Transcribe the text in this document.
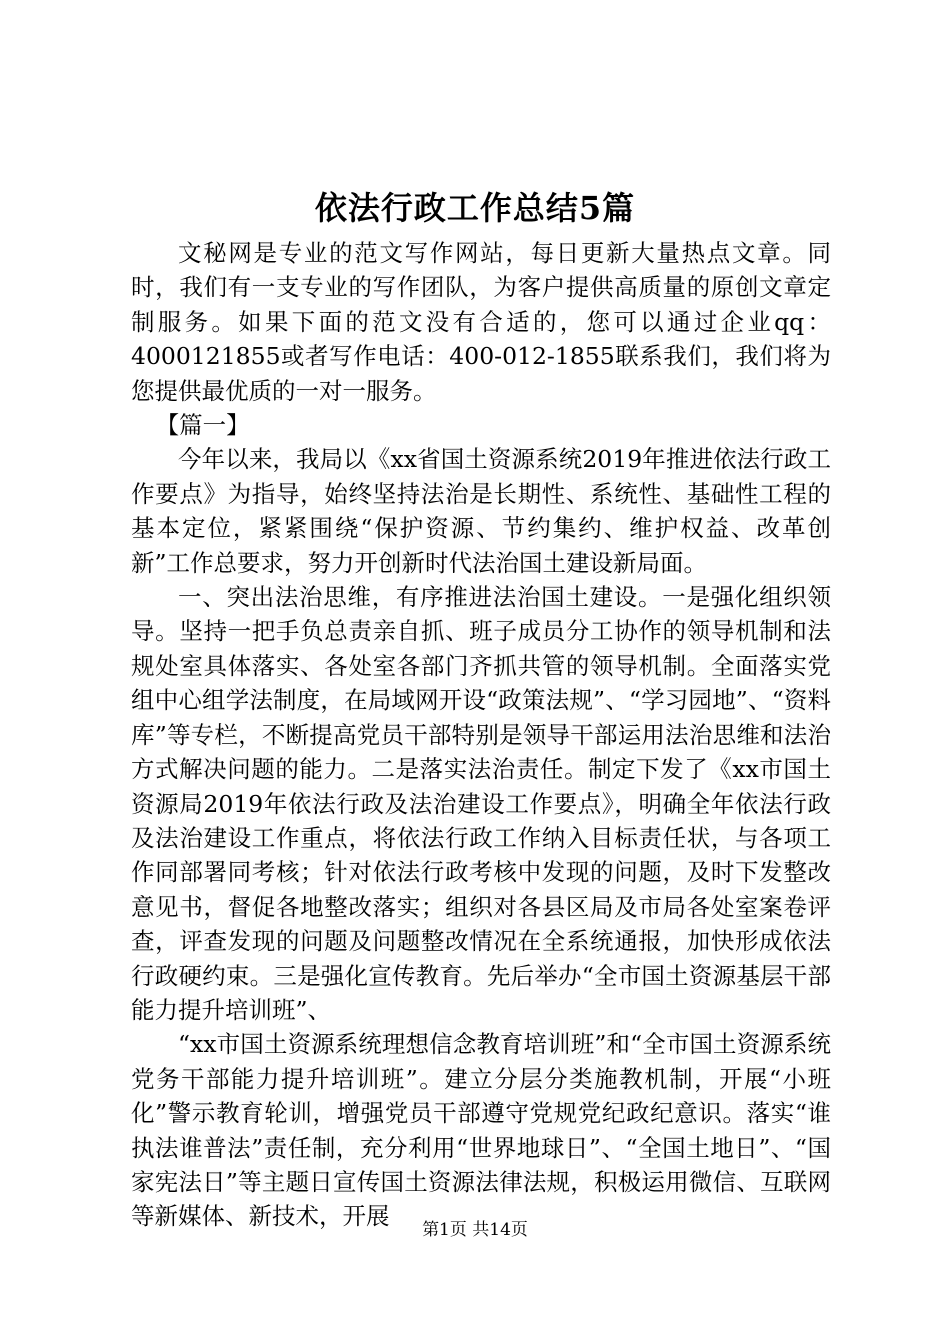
依法行政工作总结5篇

文秘网是专业的范文写作网站，每日更新大量热点文章。同时，我们有一支专业的写作团队，为客户提供高质量的原创文章定制服务。如果下面的范文没有合适的，您可以通过企业qq：4000121855或者写作电话：400-012-1855联系我们，我们将为您提供最优质的一对一服务。

【篇一】

今年以来，我局以《xx省国土资源系统2019年推进依法行政工作要点》为指导，始终坚持法治是长期性、系统性、基础性工程的基本定位，紧紧围绕“保护资源、节约集约、维护权益、改革创新”工作总要求，努力开创新时代法治国土建设新局面。

一、突出法治思维，有序推进法治国土建设。一是强化组织领导。坚持一把手负总责亲自抓、班子成员分工协作的领导机制和法规处室具体落实、各处室各部门齐抓共管的领导机制。全面落实党组中心组学法制度，在局域网开设“政策法规”、“学习园地”、“资料库”等专栏，不断提高党员干部特别是领导干部运用法治思维和法治方式解决问题的能力。二是落实法治责任。制定下发了《xx市国土资源局2019年依法行政及法治建设工作要点》，明确全年依法行政及法治建设工作重点，将依法行政工作纳入目标责任状，与各项工作同部署同考核；针对依法行政考核中发现的问题，及时下发整改意见书，督促各地整改落实；组织对各县区局及市局各处室案卷评查，评查发现的问题及问题整改情况在全系统通报，加快形成依法行政硬约束。三是强化宣传教育。先后举办“全市国土资源基层干部能力提升培训班”、

“xx市国土资源系统理想信念教育培训班”和“全市国土资源系统党务干部能力提升培训班”。建立分层分类施教机制，开展“小班化”警示教育轮训，增强党员干部遵守党规党纪政纪意识。落实“谁执法谁普法”责任制，充分利用“世界地球日”、“全国土地日”、“国家宪法日”等主题日宣传国土资源法律法规，积极运用微信、互联网等新媒体、新技术，开展	第1页 共14页
